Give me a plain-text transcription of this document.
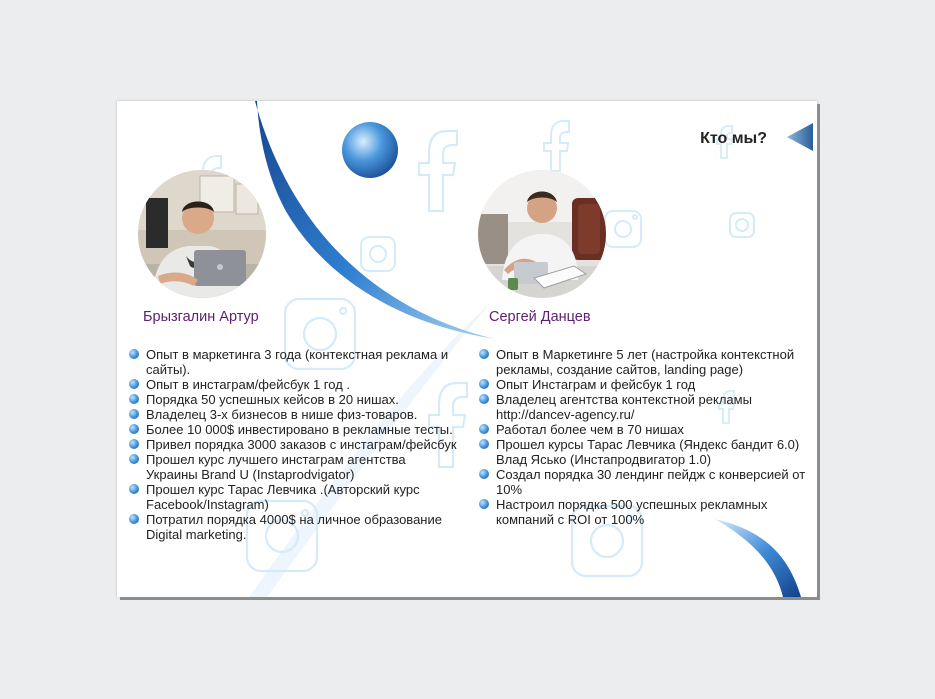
Кто мы?
Брызгалин Артур	Сергей Данцев
Опыт в маркетинга 3 года (контекстная реклама и сайты).
Опыт в инстаграм/фейсбук 1 год .
Порядка 50 успешных кейсов в 20 нишах.
Владелец 3-х бизнесов в нише физ-товаров.
Более 10 000$ инвестировано в рекламные тесты.
Привел порядка 3000 заказов с инстаграм/фейсбук
Прошел курс лучшего инстаграм агентства Украины Brand U (Instaprodvigator)
Прошел курс Тарас Левчика .(Авторский курс Facebook/Instagram)
Потратил порядка 4000$ на личное образование Digital marketing.
Опыт в Маркетинге 5 лет (настройка контекстной рекламы, создание сайтов, landing page)
Опыт Инстаграм и фейсбук 1 год
Владелец агентства контекстной рекламы http://dancev-agency.ru/
Работал более чем в 70 нишах
Прошел курсы Тарас Левчика (Яндекс бандит 6.0) Влад Ясько (Инстапродвигатор 1.0)
Создал порядка 30 лендинг пейдж с конверсией от 10%
Настроил порядка 500 успешных рекламных компаний с ROI от 100%
